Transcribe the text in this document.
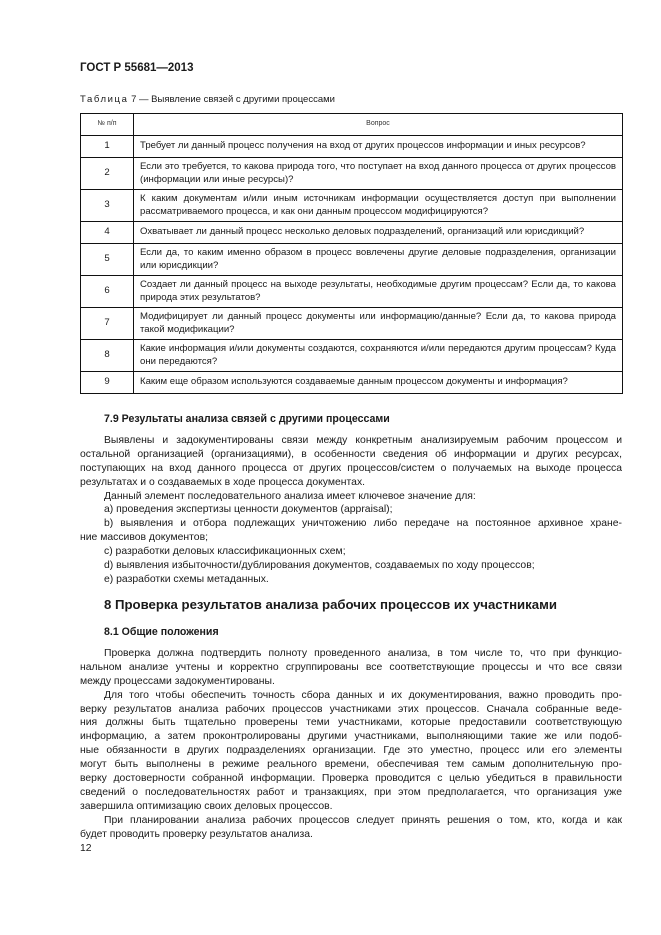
ГОСТ Р 55681—2013
Таблица 7 — Выявление связей с другими процессами
№ п/п	Вопрос
1	Требует ли данный процесс получения на вход от других процессов информации и иных ресурсов?
2	Если это требуется, то какова природа того, что поступает на вход данного процесса от других процессов (информации или иные ресурсы)?
3	К каким документам и/или иным источникам информации осуществляется доступ при выполнении рассматриваемого процесса, и как они данным процессом модифицируются?
4	Охватывает ли данный процесс несколько деловых подразделений, организаций или юрисдикций?
5	Если да, то каким именно образом в процесс вовлечены другие деловые подразделения, организации или юрисдикции?
6	Создает ли данный процесс на выходе результаты, необходимые другим процессам? Если да, то какова природа этих результатов?
7	Модифицирует ли данный процесс документы или информацию/данные? Если да, то какова природа такой модификации?
8	Какие информация и/или документы создаются, сохраняются и/или передаются другим процессам? Куда они передаются?
9	Каким еще образом используются создаваемые данным процессом документы и информация?
7.9 Результаты анализа связей с другими процессами
Выявлены и задокументированы связи между конкретным анализируемым рабочим процессом и
остальной организацией (организациями), в особенности сведения об информации и других ресурсах,
поступающих на вход данного процесса от других процессов/систем о получаемых на выходе процесса
результатах и о создаваемых в ходе процесса документах.
Данный элемент последовательного анализа имеет ключевое значение для:
a) проведения экспертизы ценности документов (appraisal);
b) выявления и отбора подлежащих уничтожению либо передаче на постоянное архивное хране-
ние массивов документов;
c) разработки деловых классификационных схем;
d) выявления избыточности/дублирования документов, создаваемых по ходу процессов;
e) разработки схемы метаданных.
8 Проверка результатов анализа рабочих процессов их участниками
8.1 Общие положения
Проверка должна подтвердить полноту проведенного анализа, в том числе то, что при функцио-
нальном анализе учтены и корректно сгруппированы все соответствующие процессы и что все связи
между процессами задокументированы.
Для того чтобы обеспечить точность сбора данных и их документирования, важно проводить про-
верку результатов анализа рабочих процессов участниками этих процессов. Сначала собранные веде-
ния должны быть тщательно проверены теми участниками, которые предоставили соответствующую
информацию, а затем проконтролированы другими участниками, выполняющими такие же или подоб-
ные обязанности в других подразделениях организации. Где это уместно, процесс или его элементы
могут быть выполнены в режиме реального времени, обеспечивая тем самым дополнительную про-
верку достоверности собранной информации. Проверка проводится с целью убедиться в правильности
сведений о последовательностях работ и транзакциях, при этом предполагается, что организация уже
завершила оптимизацию своих деловых процессов.
При планировании анализа рабочих процессов следует принять решения о том, кто, когда и как
будет проводить проверку результатов анализа.
12
